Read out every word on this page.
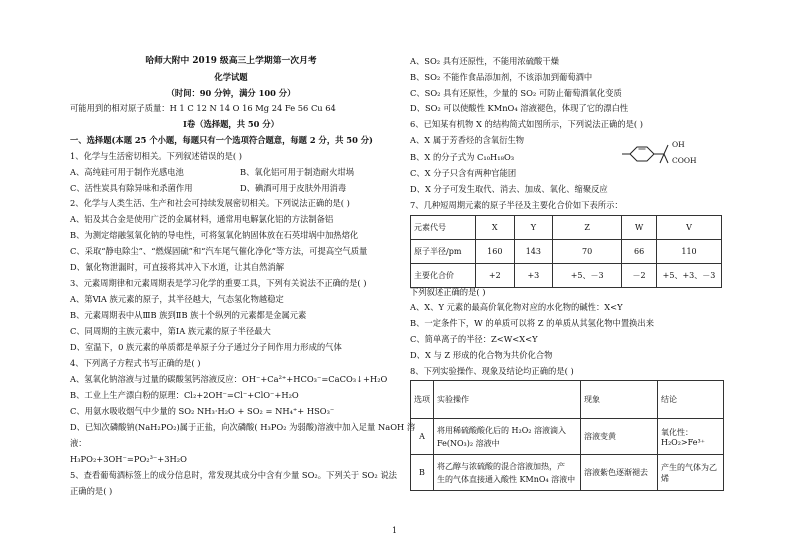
哈师大附中 2019 级高三上学期第一次月考
化学试题
（时间：90 分钟，满分 100 分）
可能用到的相对原子质量：H 1 C 12 N 14 O 16 Mg 24 Fe 56 Cu 64
Ⅰ卷（选择题，共 50 分）
一、选择题(本题 25 个小题，每题只有一个选项符合题意，每题 2 分，共 50 分)
1、化学与生活密切相关。下列叙述错误的是( )
A、高纯硅可用于制作光感电池	B、氧化铝可用于制造耐火坩埚
C、活性炭具有除异味和杀菌作用	D、碘酒可用于皮肤外用消毒
2、化学与人类生活、生产和社会可持续发展密切相关。下列说法正确的是( )
A、铝及其合金是使用广泛的金属材料，通常用电解氯化铝的方法制备铝
B、为测定熔融氢氧化钠的导电性，可将氢氧化钠固体放在石英坩埚中加热熔化
C、采取“静电除尘”、“燃煤固硫”和“汽车尾气催化净化”等方法，可提高空气质量
D、氰化物泄漏时，可直接将其冲入下水道，让其自然消解
3、元素周期律和元素周期表是学习化学的重要工具，下列有关说法不正确的是( )
A、第ⅥA 族元素的原子，其半径越大，气态氢化物越稳定
B、元素周期表中从ⅢB 族到ⅡB 族十个纵列的元素都是金属元素
C、同周期的主族元素中，第ⅠA 族元素的原子半径最大
D、室温下，0 族元素的单质都是单原子分子通过分子间作用力形成的气体
4、下列离子方程式书写正确的是( )
A、氢氧化钠溶液与过量的碳酸氢钙溶液反应：OH⁻+Ca²⁺+HCO₃⁻=CaCO₃↓+H₂O
B、工业上生产漂白粉的原理：Cl₂+2OH⁻=Cl⁻+ClO⁻+H₂O
C、用氨水吸收烟气中少量的 SO₂ NH₃·H₂O + SO₂ = NH₄⁺+ HSO₃⁻
D、已知次磷酸钠(NaH₂PO₂)属于正盐，向次磷酸( H₃PO₂ 为弱酸)溶液中加入足量 NaOH 溶
液：
H₃PO₂+3OH⁻=PO₂³⁻+3H₂O
5、查看葡萄酒标签上的成分信息时，常发现其成分中含有少量 SO₂。下列关于 SO₂ 说法
正确的是( )
A、SO₂ 具有还原性，不能用浓硫酸干燥
B、SO₂ 不能作食品添加剂，不该添加到葡萄酒中
C、SO₂ 具有还原性，少量的 SO₂ 可防止葡萄酒氧化变质
D、SO₂ 可以使酸性 KMnO₄ 溶液褪色，体现了它的漂白性
6、已知某有机物 X 的结构简式如图所示，下列说法正确的是( )
A、X 属于芳香烃的含氧衍生物
B、X 的分子式为 C₁₀H₁₈O₃
C、X 分子只含有两种官能团
D、X 分子可发生取代、消去、加成、氧化、缩聚反应
OH
COOH
7、几种短周期元素的原子半径及主要化合价如下表所示：
元素代号	X	Y	Z	W	V
原子半径/pm	160	143	70	66	110
主要化合价	+2	+3	+5、－3	－2	+5、+3、－3
下列叙述正确的是( )
A、X、Y 元素的最高价氧化物对应的水化物的碱性：X<Y
B、一定条件下，W 的单质可以将 Z 的单质从其氢化物中置换出来
C、简单离子的半径：Z<W<X<Y
D、X 与 Z 形成的化合物为共价化合物
8、下列实验操作、现象及结论均正确的是( )
选项	实验操作	现象	结论
A	将用稀硫酸酸化后的 H₂O₂ 溶液滴入
Fe(NO₃)₂ 溶液中	溶液变黄	氧化性：H₂O₂>Fe³⁺
B	将乙醇与浓硫酸的混合溶液加热，产
生的气体直接通入酸性 KMnO₄ 溶液中	溶液紫色逐渐褪去	产生的气体为乙烯
1
